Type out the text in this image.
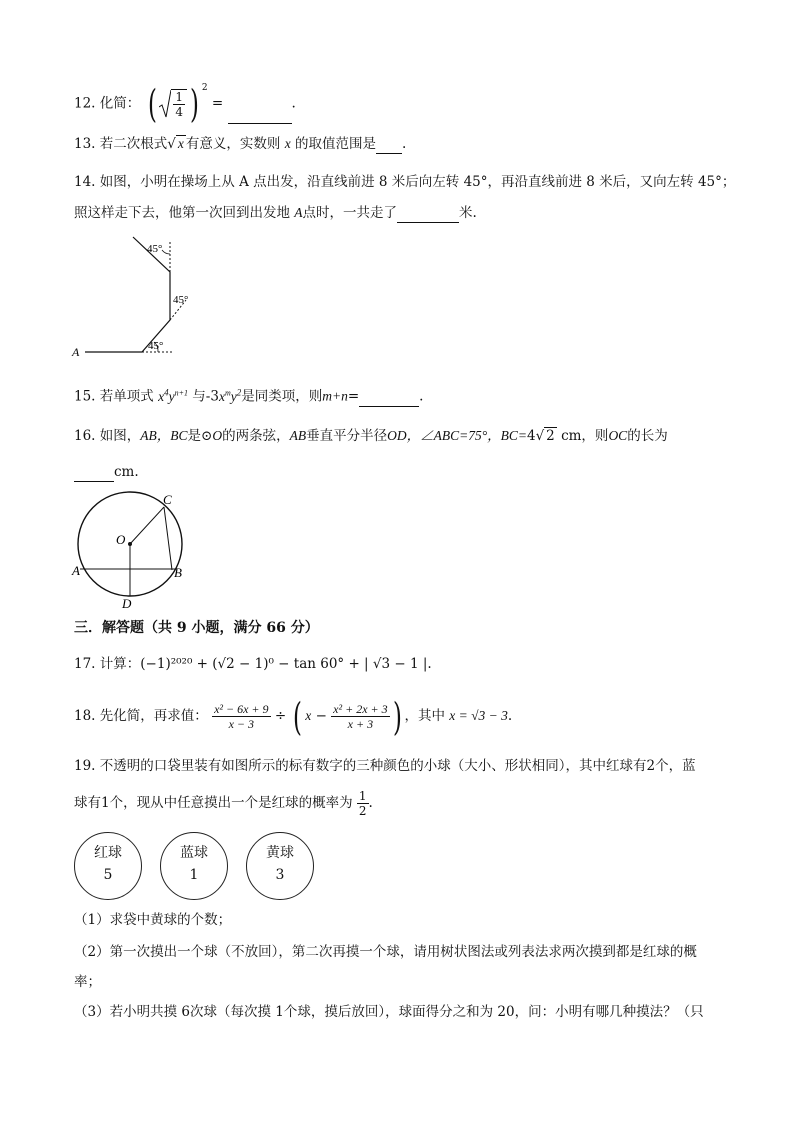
12. 化简： ( $\frac{1}{4}$ ) $^2$ =	.
13. 若二次根式√ x 有意义，实数则 x 的取值范围是 .
14. 如图，小明在操场上从 A 点出发，沿直线前进 8 米后向左转 45°，再沿直线前进 8 米后，又向左转 45°；
照这样走下去，他第一次回到出发地 A点时，一共走了	米.
45°
45°
45°
A
15. 若单项式 $x^4y^{n+1}$ 与$-3x^my^2$是同类项，则m+n=	.
16. 如图，AB，BC是⊙O的两条弦，AB垂直平分半径OD，∠ABC=75°，BC=4√ 2 cm，则OC的长为
cm.
C
O
A	B
D
三．解答题（共 9 小题，满分 66 分）
17. 计算：(−1)²⁰²⁰ + (√2 − 1)⁰ − tan 60° + | √3 − 1 |.
18. 先化简，再求值： $\frac{\text{x² − 6x + 9}}{x - 3}$ ÷ ( $x - \frac{\text{x² + 2x + 3}}{x + 3}$ ) ，其中 x = √3 − 3.
19. 不透明的口袋里装有如图所示的标有数字的三种颜色的小球（大小、形状相同），其中红球有2个，蓝
球有1个，现从中任意摸出一个是红球的概率为 $\frac{1}{2}$ .
红球
5
蓝球
1
黄球
3
（1）求袋中黄球的个数；
（2）第一次摸出一个球（不放回），第二次再摸一个球，请用树状图法或列表法求两次摸到都是红球的概
率；
（3）若小明共摸 6次球（每次摸 1个球，摸后放回），球面得分之和为 20，问：小明有哪几种摸法？（只
